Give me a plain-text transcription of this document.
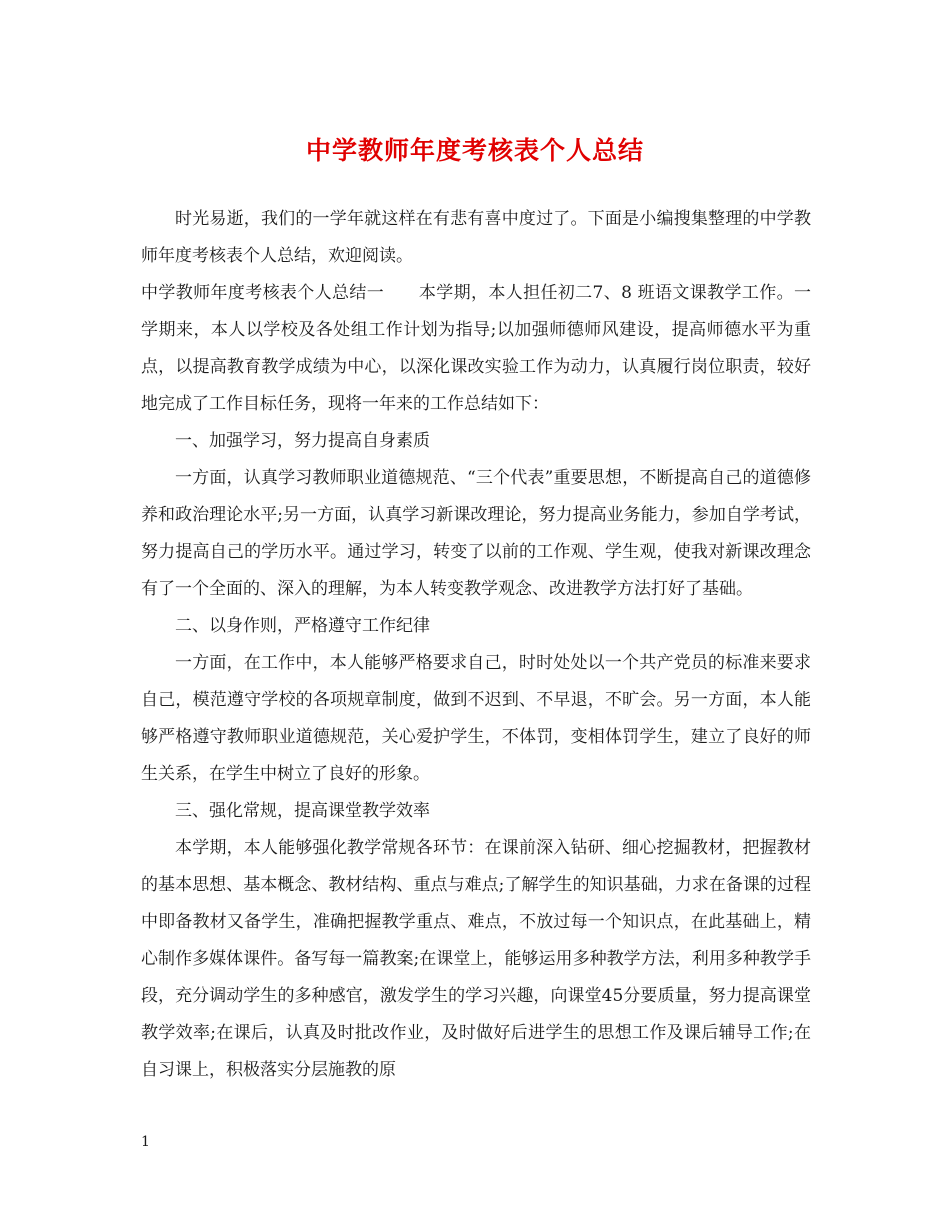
中学教师年度考核表个人总结

时光易逝，我们的一学年就这样在有悲有喜中度过了。下面是小编搜集整理的中学教师年度考核表个人总结，欢迎阅读。

中学教师年度考核表个人总结一　　本学期，本人担任初二7、8 班语文课教学工作。一学期来，本人以学校及各处组工作计划为指导;以加强师德师风建设，提高师德水平为重点，以提高教育教学成绩为中心，以深化课改实验工作为动力，认真履行岗位职责，较好地完成了工作目标任务，现将一年来的工作总结如下：

一、加强学习，努力提高自身素质

一方面，认真学习教师职业道德规范、“三个代表”重要思想，不断提高自己的道德修养和政治理论水平;另一方面，认真学习新课改理论，努力提高业务能力，参加自学考试，努力提高自己的学历水平。通过学习，转变了以前的工作观、学生观，使我对新课改理念有了一个全面的、深入的理解，为本人转变教学观念、改进教学方法打好了基础。

二、以身作则，严格遵守工作纪律

一方面，在工作中，本人能够严格要求自己，时时处处以一个共产党员的标准来要求自己，模范遵守学校的各项规章制度，做到不迟到、不早退，不旷会。另一方面，本人能够严格遵守教师职业道德规范，关心爱护学生，不体罚，变相体罚学生，建立了良好的师生关系，在学生中树立了良好的形象。

三、强化常规，提高课堂教学效率

本学期，本人能够强化教学常规各环节：在课前深入钻研、细心挖掘教材，把握教材的基本思想、基本概念、教材结构、重点与难点;了解学生的知识基础，力求在备课的过程中即备教材又备学生，准确把握教学重点、难点，不放过每一个知识点，在此基础上，精心制作多媒体课件。备写每一篇教案;在课堂上，能够运用多种教学方法，利用多种教学手段，充分调动学生的多种感官，激发学生的学习兴趣，向课堂45分要质量，努力提高课堂教学效率;在课后，认真及时批改作业，及时做好后进学生的思想工作及课后辅导工作;在自习课上，积极落实分层施教的原

1
